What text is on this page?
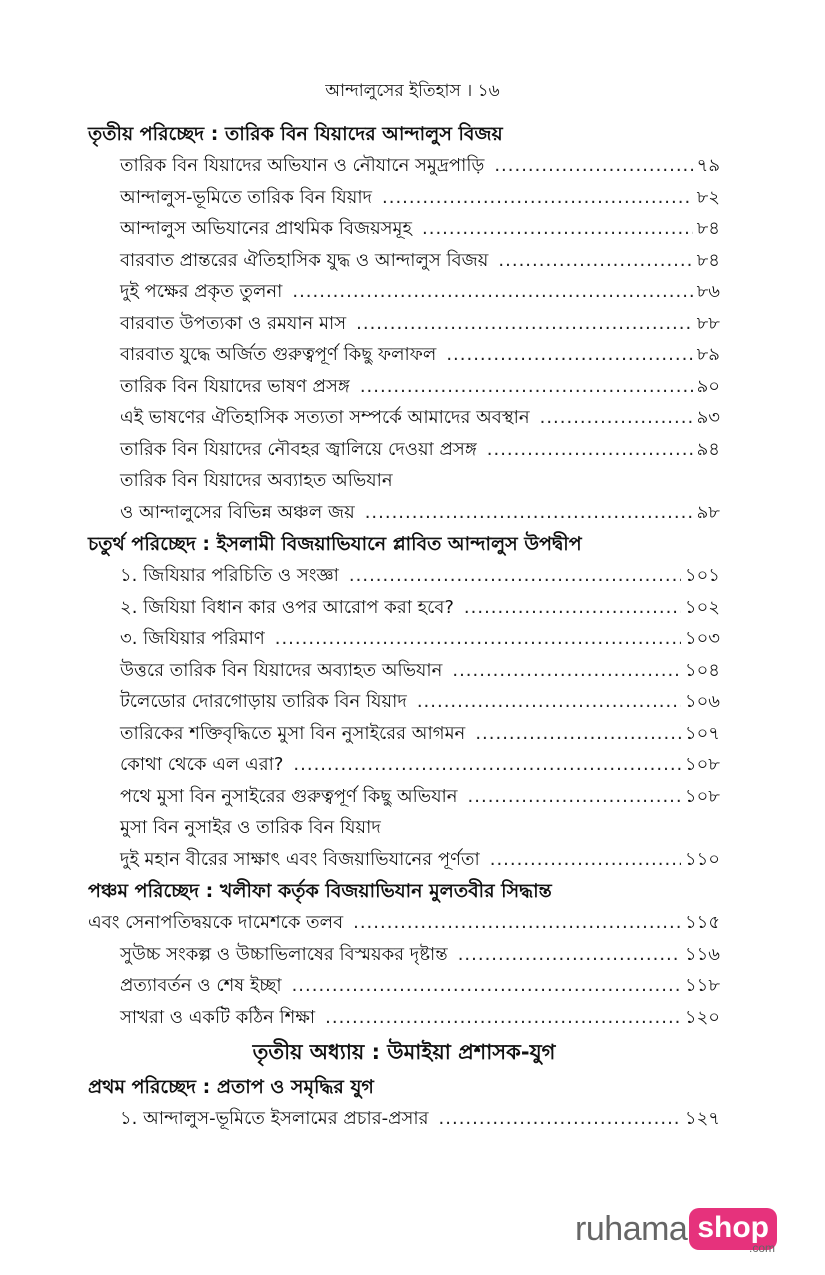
আন্দালুসের ইতিহাস । ১৬
তৃতীয় পরিচ্ছেদ : তারিক বিন যিয়াদের আন্দালুস বিজয়
তারিক বিন যিয়াদের অভিযান ও নৌযানে সমুদ্রপাড়ি .....	৭৯
আন্দালুস-ভূমিতে তারিক বিন যিয়াদ .....	৮২
আন্দালুস অভিযানের প্রাথমিক বিজয়সমূহ .....	৮৪
বারবাত প্রান্তরের ঐতিহাসিক যুদ্ধ ও আন্দালুস বিজয় .....	৮৪
দুই পক্ষের প্রকৃত তুলনা .....	৮৬
বারবাত উপত্যকা ও রমযান মাস .....	৮৮
বারবাত যুদ্ধে অর্জিত গুরুত্বপূর্ণ কিছু ফলাফল .....	৮৯
তারিক বিন যিয়াদের ভাষণ প্রসঙ্গ .....	৯০
এই ভাষণের ঐতিহাসিক সত্যতা সম্পর্কে আমাদের অবস্থান .....	৯৩
তারিক বিন যিয়াদের নৌবহর জ্বালিয়ে দেওয়া প্রসঙ্গ .....	৯৪
তারিক বিন যিয়াদের অব্যাহত অভিযান
ও আন্দালুসের বিভিন্ন অঞ্চল জয় .....	৯৮
চতুর্থ পরিচ্ছেদ : ইসলামী বিজয়াভিযানে প্লাবিত আন্দালুস উপদ্বীপ
১. জিযিয়ার পরিচিতি ও সংজ্ঞা .....	১০১
২. জিযিয়া বিধান কার ওপর আরোপ করা হবে? .....	১০২
৩. জিযিয়ার পরিমাণ .....	১০৩
উত্তরে তারিক বিন যিয়াদের অব্যাহত অভিযান .....	১০৪
টলেডোর দোরগোড়ায় তারিক বিন যিয়াদ .....	১০৬
তারিকের শক্তিবৃদ্ধিতে মুসা বিন নুসাইরের আগমন .....	১০৭
কোথা থেকে এল এরা? .....	১০৮
পথে মুসা বিন নুসাইরের গুরুত্বপূর্ণ কিছু অভিযান .....	১০৮
মুসা বিন নুসাইর ও তারিক বিন যিয়াদ
দুই মহান বীরের সাক্ষাৎ এবং বিজয়াভিযানের পূর্ণতা .....	১১০
পঞ্চম পরিচ্ছেদ : খলীফা কর্তৃক বিজয়াভিযান মুলতবীর সিদ্ধান্ত
এবং সেনাপতিদ্বয়কে দামেশকে তলব .....	১১৫
সুউচ্চ সংকল্প ও উচ্চাভিলাষের বিস্ময়কর দৃষ্টান্ত .....	১১৬
প্রত্যাবর্তন ও শেষ ইচ্ছা .....	১১৮
সাখরা ও একটি কঠিন শিক্ষা .....	১২০
তৃতীয় অধ্যায় : উমাইয়া প্রশাসক-যুগ
প্রথম পরিচ্ছেদ : প্রতাপ ও সমৃদ্ধির যুগ
১. আন্দালুস-ভূমিতে ইসলামের প্রচার-প্রসার .....	১২৭
ruhama shop
.com
